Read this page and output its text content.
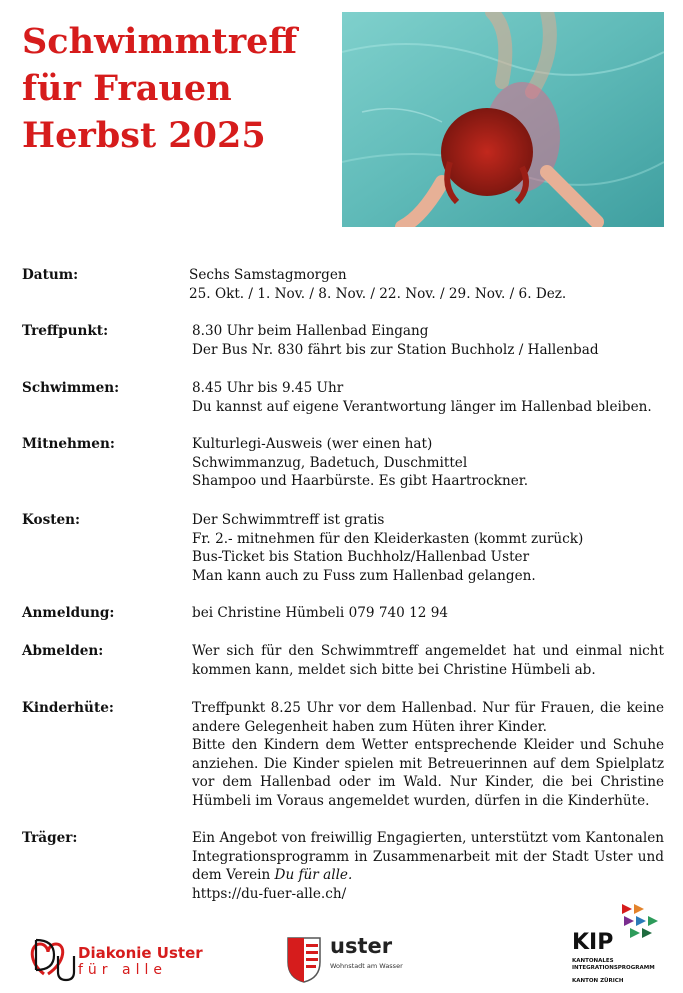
Schwimmtreff
für Frauen
Herbst 2025
Datum:	Sechs Samstagmorgen

25. Okt. / 1. Nov. / 8. Nov. / 22. Nov. / 29. Nov. / 6. Dez.

Treffpunkt:	8.30 Uhr beim Hallenbad Eingang

Der Bus Nr. 830 fährt bis zur Station Buchholz / Hallenbad

Schwimmen:	8.45 Uhr bis 9.45 Uhr

Du kannst auf eigene Verantwortung länger im Hallenbad bleiben.

Mitnehmen:	Kulturlegi-Ausweis (wer einen hat)

Schwimmanzug, Badetuch, Duschmittel

Shampoo und Haarbürste. Es gibt Haartrockner.

Kosten:	Der Schwimmtreff ist gratis

Fr. 2.- mitnehmen für den Kleiderkasten (kommt zurück)

Bus-Ticket bis Station Buchholz/Hallenbad Uster

Man kann auch zu Fuss zum Hallenbad gelangen.

Anmeldung:	bei Christine Hümbeli 079 740 12 94

Abmelden:	Wer sich für den Schwimmtreff angemeldet hat und einmal nicht kommen kann, meldet sich bitte bei Christine Hümbeli ab.

Kinderhüte:	Treffpunkt 8.25 Uhr vor dem Hallenbad. Nur für Frauen, die keine andere Gelegenheit haben zum Hüten ihrer Kinder.

Bitte den Kindern dem Wetter entsprechende Kleider und Schuhe anziehen. Die Kinder spielen mit Betreuerinnen auf dem Spielplatz vor dem Hallenbad oder im Wald. Nur Kinder, die bei Christine Hümbeli im Voraus angemeldet wurden, dürfen in die Kinderhüte.

Träger:	Ein Angebot von freiwillig Engagierten, unterstützt vom Kantonalen Integrationsprogramm in Zusammenarbeit mit der Stadt Uster und dem Verein Du für alle.

https://du-fuer-alle.ch/

Diakonie Uster
für alle
uster
Wohnstadt am Wasser
KIP
KANTONALES
INTEGRATIONSPROGRAMM
KANTON ZÜRICH
